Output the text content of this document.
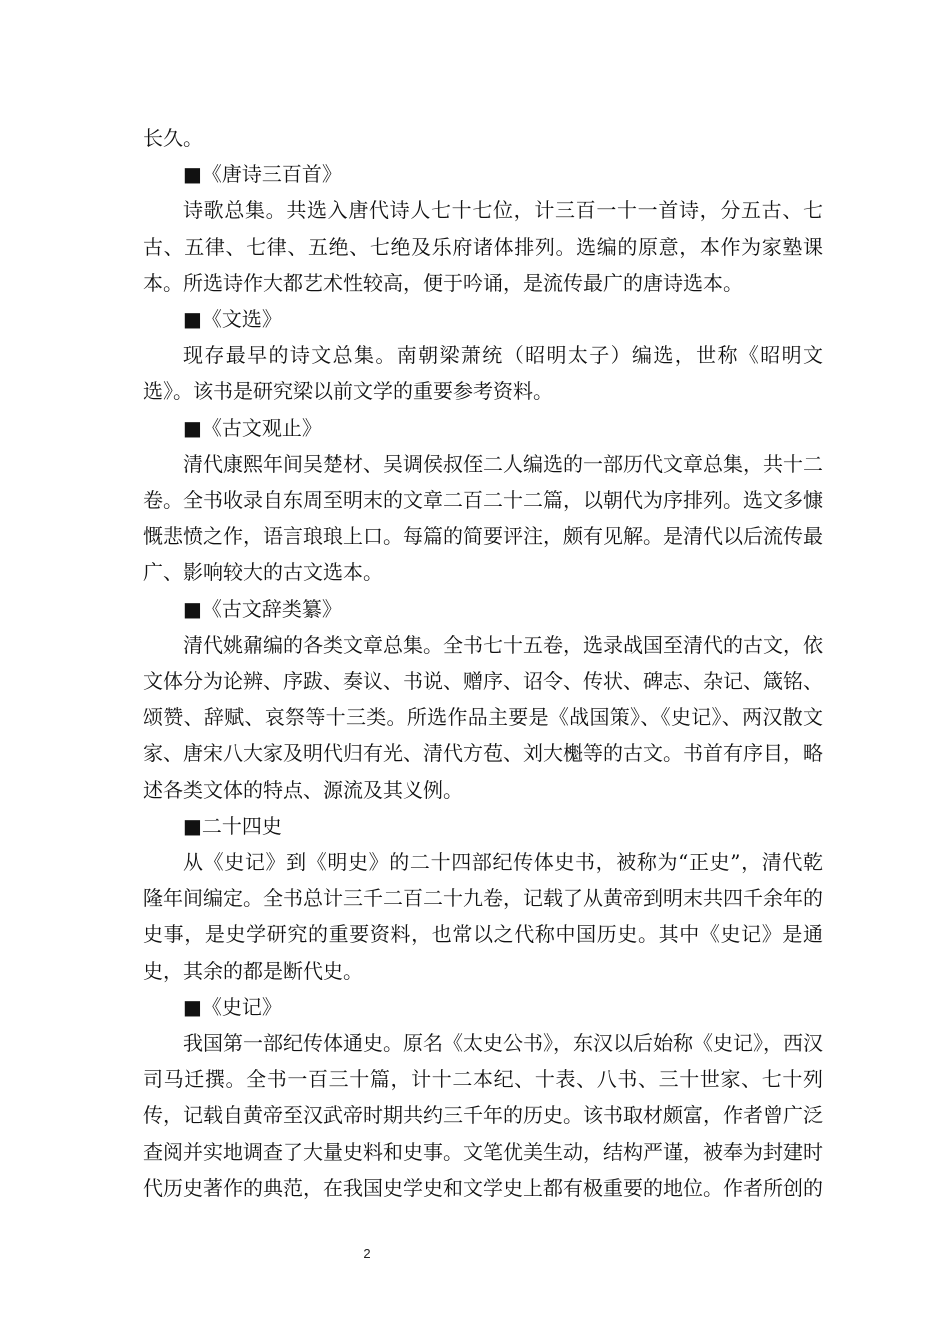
长久。

■《唐诗三百首》

诗歌总集。共选入唐代诗人七十七位，计三百一十一首诗，分五古、七古、五律、七律、五绝、七绝及乐府诸体排列。选编的原意，本作为家塾课本。所选诗作大都艺术性较高，便于吟诵，是流传最广的唐诗选本。

■《文选》

现存最早的诗文总集。南朝梁萧统（昭明太子）编选，世称《昭明文选》。该书是研究梁以前文学的重要参考资料。

■《古文观止》

清代康熙年间吴楚材、吴调侯叔侄二人编选的一部历代文章总集，共十二卷。全书收录自东周至明末的文章二百二十二篇，以朝代为序排列。选文多慷慨悲愤之作，语言琅琅上口。每篇的简要评注，颇有见解。是清代以后流传最广、影响较大的古文选本。

■《古文辞类纂》

清代姚鼐编的各类文章总集。全书七十五卷，选录战国至清代的古文，依文体分为论辨、序跋、奏议、书说、赠序、诏令、传状、碑志、杂记、箴铭、颂赞、辞赋、哀祭等十三类。所选作品主要是《战国策》、《史记》、两汉散文家、唐宋八大家及明代归有光、清代方苞、刘大櫆等的古文。书首有序目，略述各类文体的特点、源流及其义例。

■二十四史

从《史记》到《明史》的二十四部纪传体史书，被称为“正史”，清代乾隆年间编定。全书总计三千二百二十九卷，记载了从黄帝到明末共四千余年的史事，是史学研究的重要资料，也常以之代称中国历史。其中《史记》是通史，其余的都是断代史。

■《史记》

我国第一部纪传体通史。原名《太史公书》，东汉以后始称《史记》，西汉司马迁撰。全书一百三十篇，计十二本纪、十表、八书、三十世家、七十列传，记载自黄帝至汉武帝时期共约三千年的历史。该书取材颇富，作者曾广泛查阅并实地调查了大量史料和史事。文笔优美生动，结构严谨，被奉为封建时代历史著作的典范，在我国史学史和文学史上都有极重要的地位。作者所创的

2
